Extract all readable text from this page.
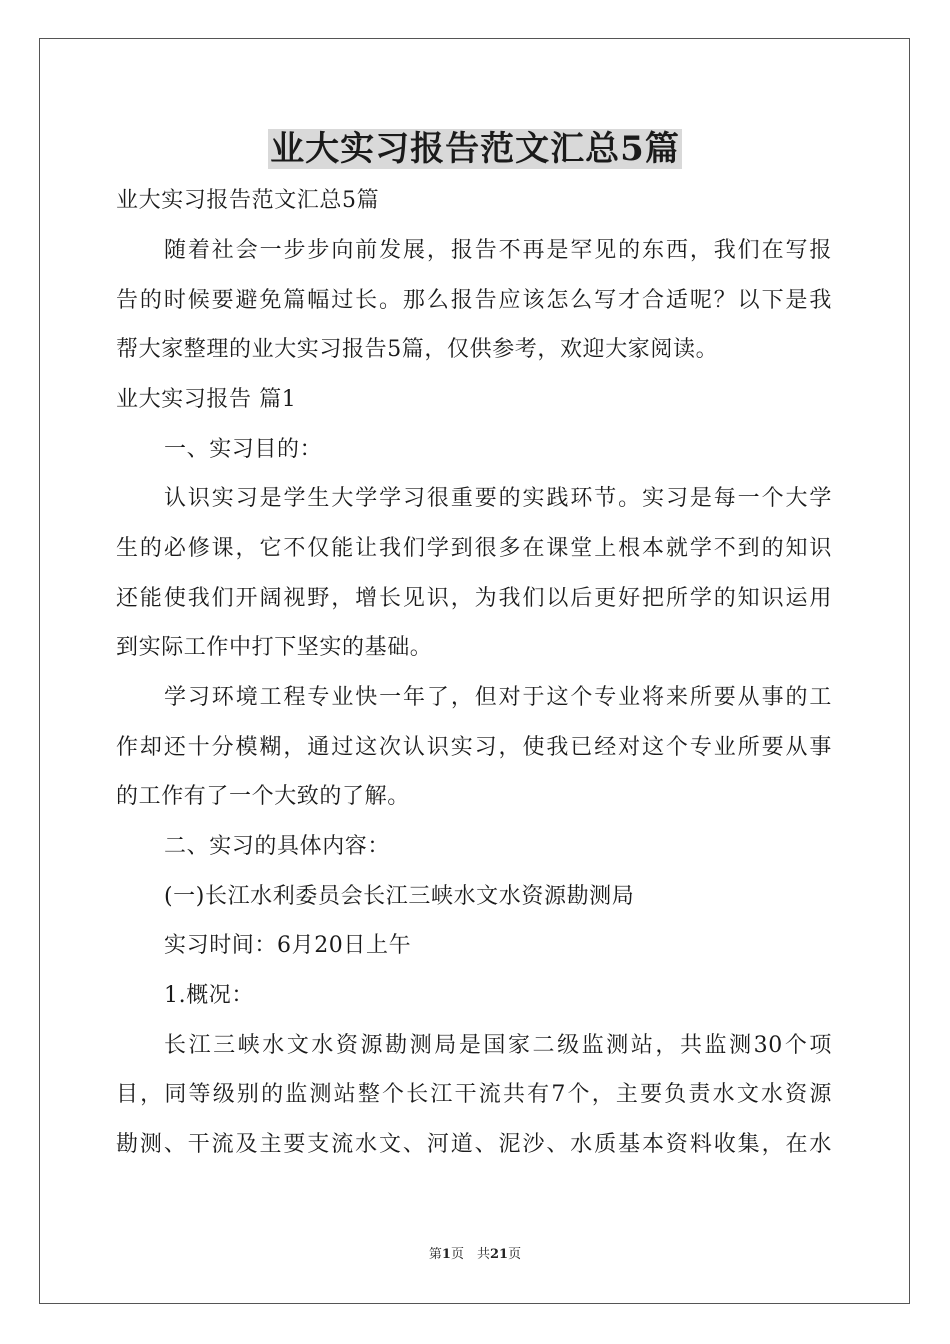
业大实习报告范文汇总5篇
业大实习报告范文汇总5篇
随着社会一步步向前发展，报告不再是罕见的东西，我们在写报
告的时候要避免篇幅过长。那么报告应该怎么写才合适呢？以下是我
帮大家整理的业大实习报告5篇，仅供参考，欢迎大家阅读。
业大实习报告 篇1
一、实习目的：
认识实习是学生大学学习很重要的实践环节。实习是每一个大学
生的必修课，它不仅能让我们学到很多在课堂上根本就学不到的知识
还能使我们开阔视野，增长见识，为我们以后更好把所学的知识运用
到实际工作中打下坚实的基础。
学习环境工程专业快一年了，但对于这个专业将来所要从事的工
作却还十分模糊，通过这次认识实习，使我已经对这个专业所要从事
的工作有了一个大致的了解。
二、实习的具体内容：
(一)长江水利委员会长江三峡水文水资源勘测局
实习时间：6月20日上午
1.概况：
长江三峡水文水资源勘测局是国家二级监测站，共监测30个项
目，同等级别的监测站整个长江干流共有7个，主要负责水文水资源
勘测、干流及主要支流水文、河道、泥沙、水质基本资料收集，在水
第1页　共21页
